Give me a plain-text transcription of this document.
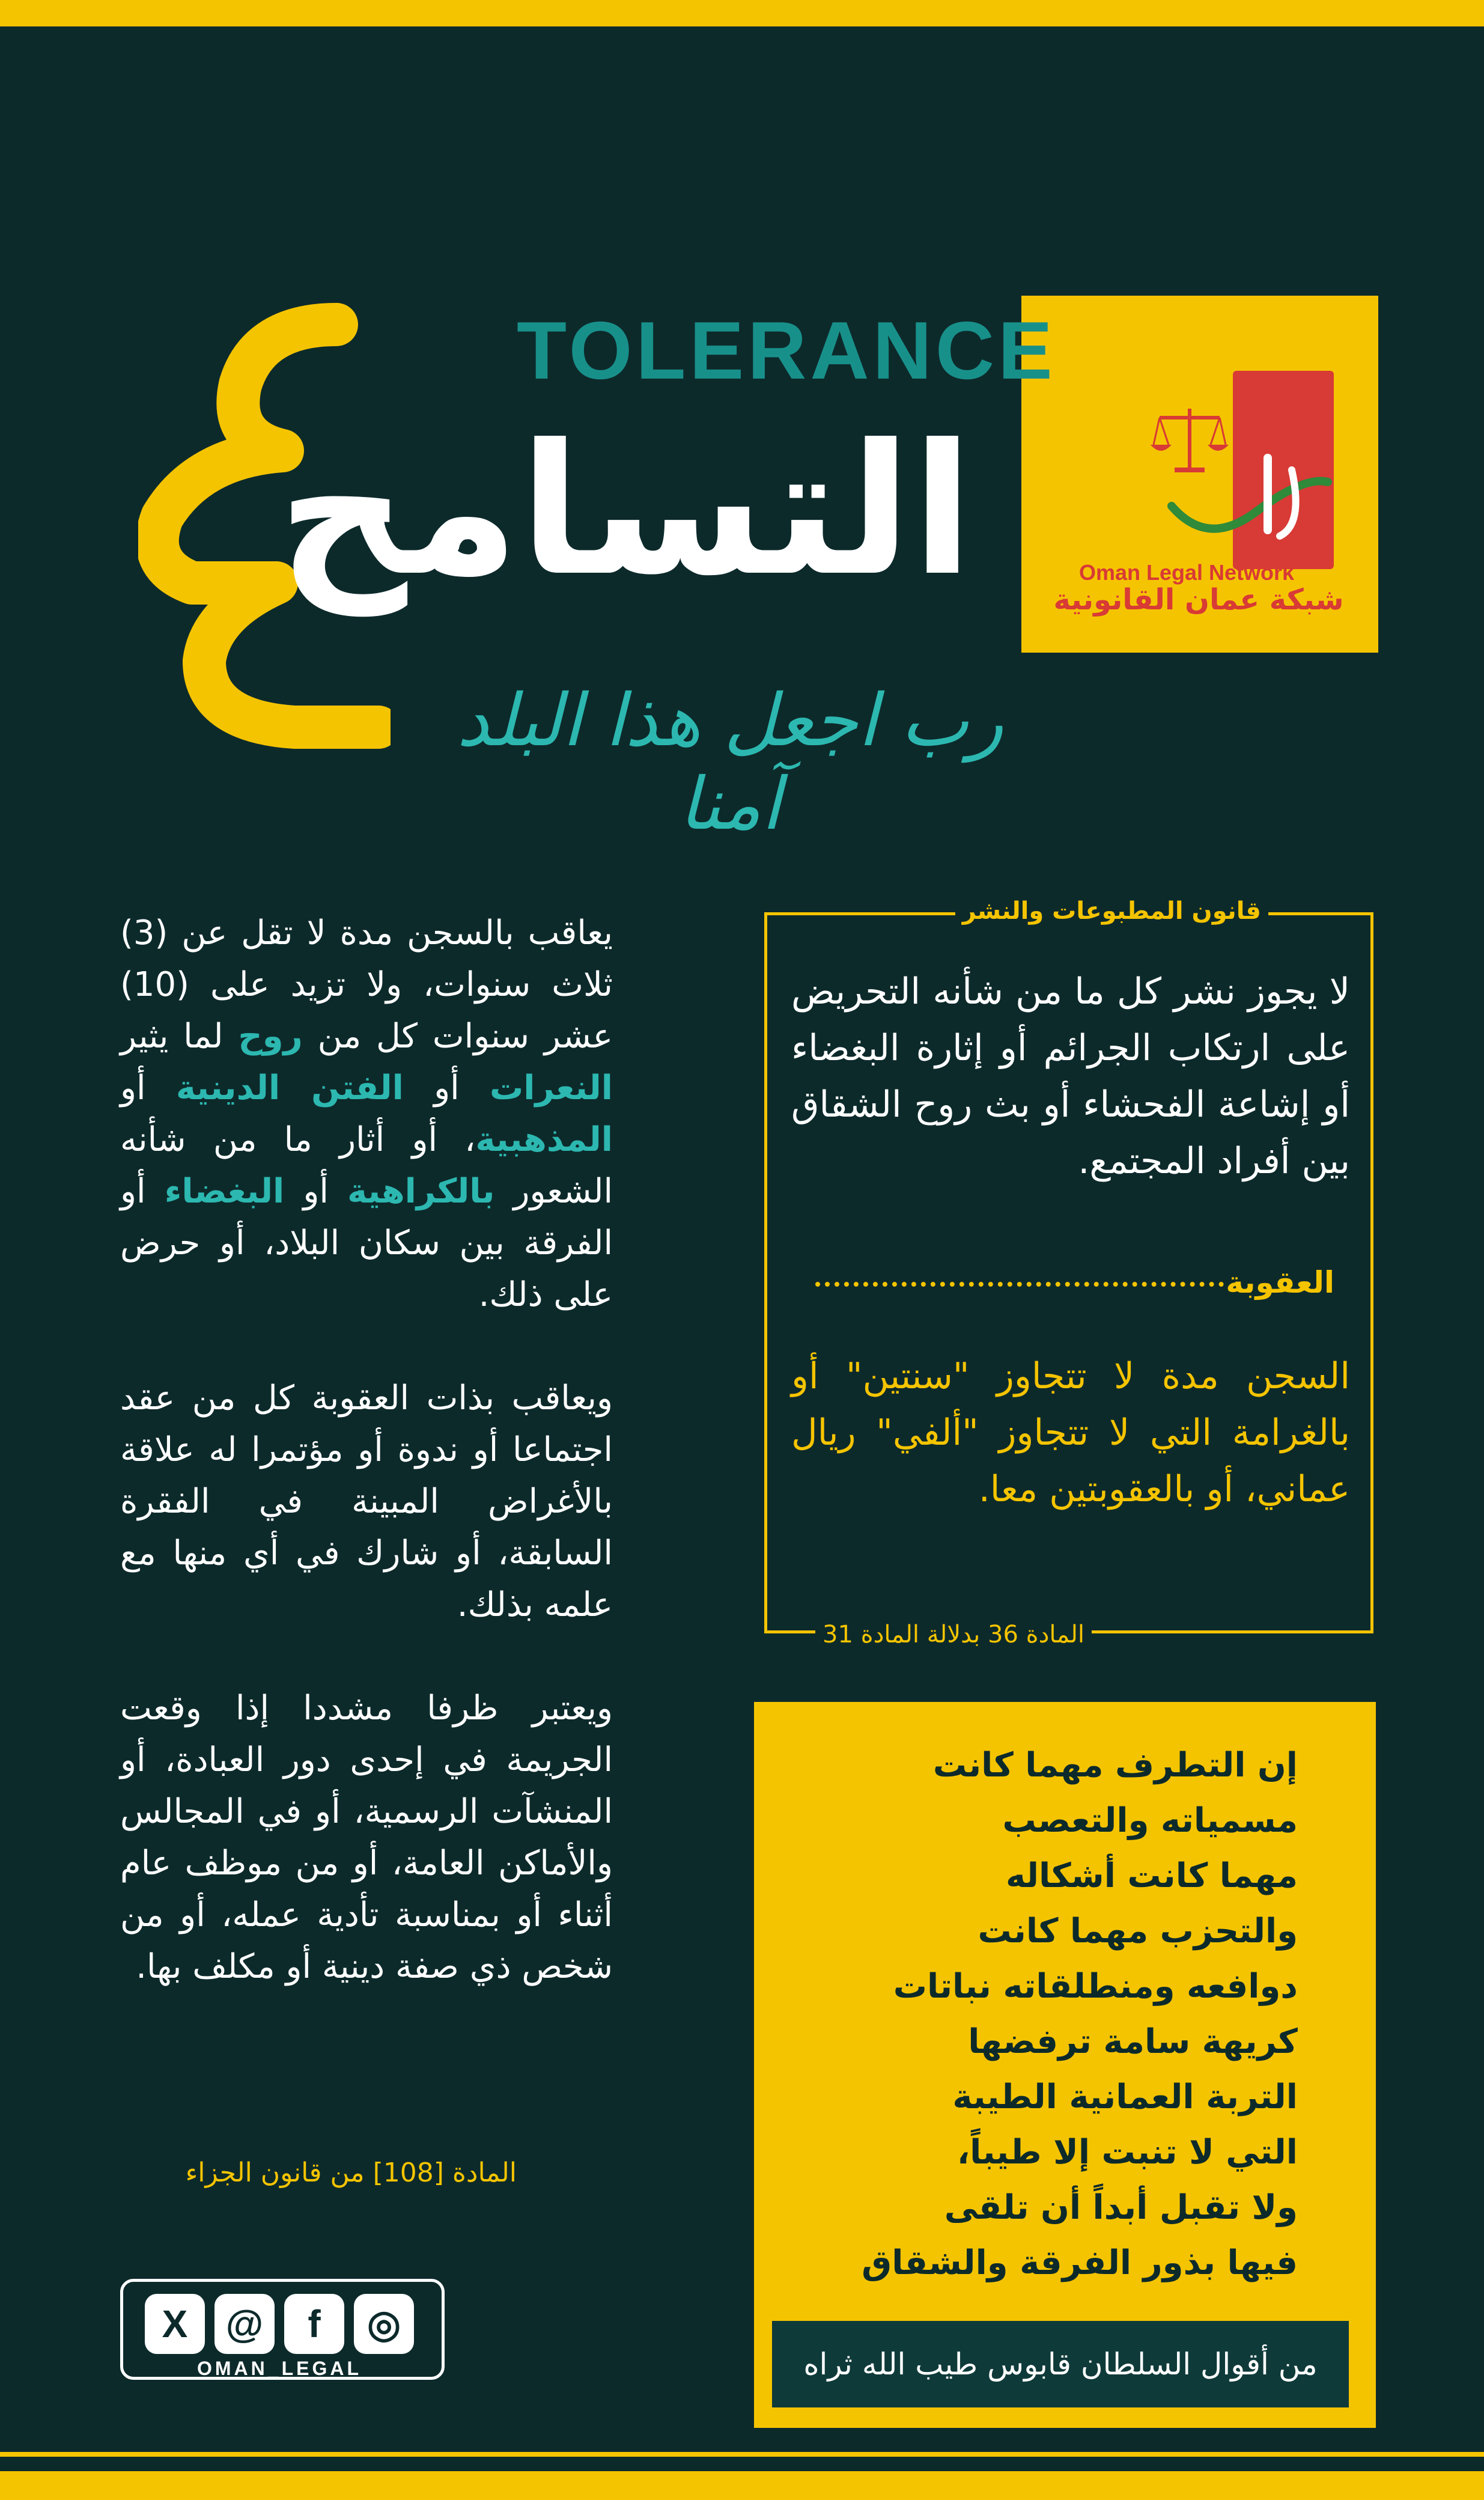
Oman Legal Network
شبكة عمان القانونية
TOLERANCE
التسامح
رب اجعل هذا البلد آمنا

يعاقب بالسجن مدة لا تقل عن (3) ثلاث سنوات، ولا تزيد على (10) عشر سنوات كل من روح لما يثير النعرات أو الفتن الدينية أو المذهبية، أو أثار ما من شأنه الشعور بالكراهية أو البغضاء أو الفرقة بين سكان البلاد، أو حرض على ذلك.

ويعاقب بذات العقوبة كل من عقد اجتماعا أو ندوة أو مؤتمرا له علاقة بالأغراض المبينة في الفقرة السابقة، أو شارك في أي منها مع علمه بذلك.

ويعتبر ظرفا مشددا إذا وقعت الجريمة في إحدى دور العبادة، أو المنشآت الرسمية، أو في المجالس والأماكن العامة، أو من موظف عام أثناء أو بمناسبة تأدية عمله، أو من شخص ذي صفة دينية أو مكلف بها.

المادة [108] من قانون الجزاء
قانون المطبوعات والنشر
لا يجوز نشر كل ما من شأنه التحريض على ارتكاب الجرائم أو إثارة البغضاء أو إشاعة الفحشاء أو بث روح الشقاق بين أفراد المجتمع.
العقوبة
السجن مدة لا تتجاوز "سنتين" أو بالغرامة التي لا تتجاوز "ألفي" ريال عماني، أو بالعقوبتين معا.
المادة 36 بدلالة المادة 31
إن التطرف مهما كانت
مسمياته والتعصب
مهما كانت أشكاله
والتحزب مهما كانت
دوافعه ومنطلقاته نباتات
كريهة سامة ترفضها
التربة العمانية الطيبة
التي لا تنبت إلا طيباً،
ولا تقبل أبداً أن تلقى
فيها بذور الفرقة والشقاق
من أقوال السلطان قابوس طيب الله ثراه
X @	f	◎
OMAN_LEGAL
